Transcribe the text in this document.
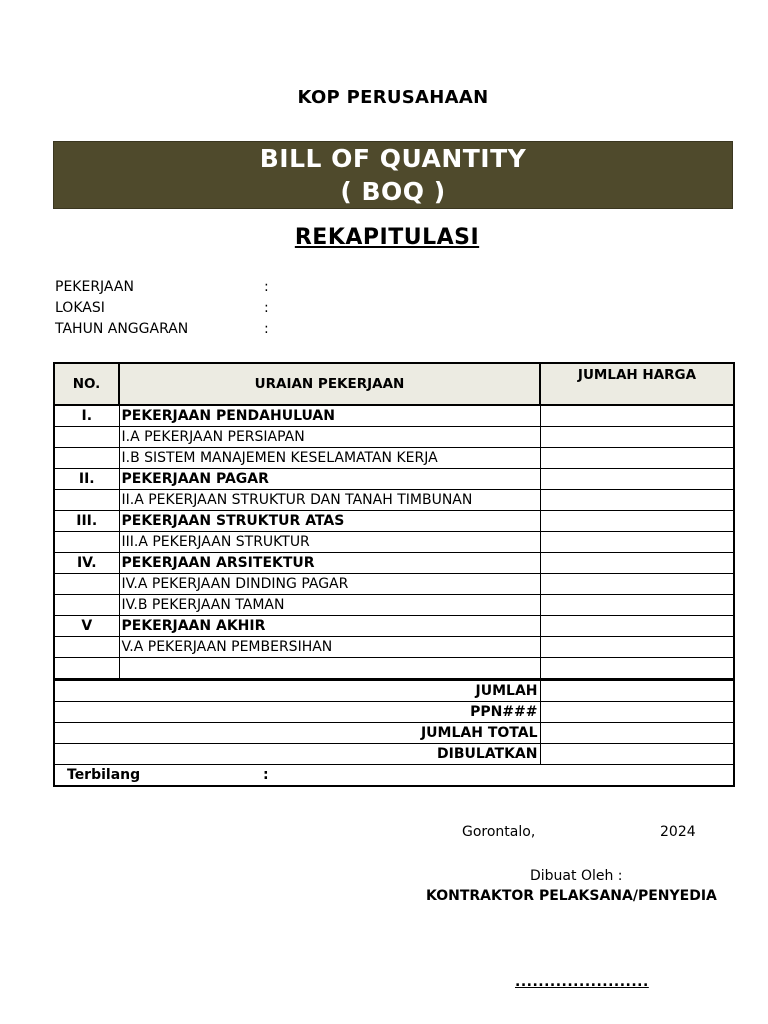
KOP PERUSAHAAN
BILL OF QUANTITY
( BOQ )
REKAPITULASI
PEKERJAAN	:
LOKASI	:
TAHUN ANGGARAN	:
NO.	URAIAN PEKERJAAN	JUMLAH HARGA
I.	PEKERJAAN PENDAHULUAN	
	I.A PEKERJAAN PERSIAPAN	
	I.B SISTEM MANAJEMEN KESELAMATAN KERJA	
II.	PEKERJAAN PAGAR	
	II.A PEKERJAAN STRUKTUR DAN TANAH TIMBUNAN	
III.	PEKERJAAN STRUKTUR ATAS	
	III.A PEKERJAAN STRUKTUR	
IV.	PEKERJAAN ARSITEKTUR	
	IV.A PEKERJAAN DINDING PAGAR	
	IV.B PEKERJAAN TAMAN	
V	PEKERJAAN AKHIR	
	V.A PEKERJAAN PEMBERSIHAN	

JUMLAH		
PPN###		
JUMLAH TOTAL		
DIBULATKAN		
Terbilang :		
Gorontalo,	2024
Dibuat Oleh :
KONTRAKTOR PELAKSANA/PENYEDIA
.......................
